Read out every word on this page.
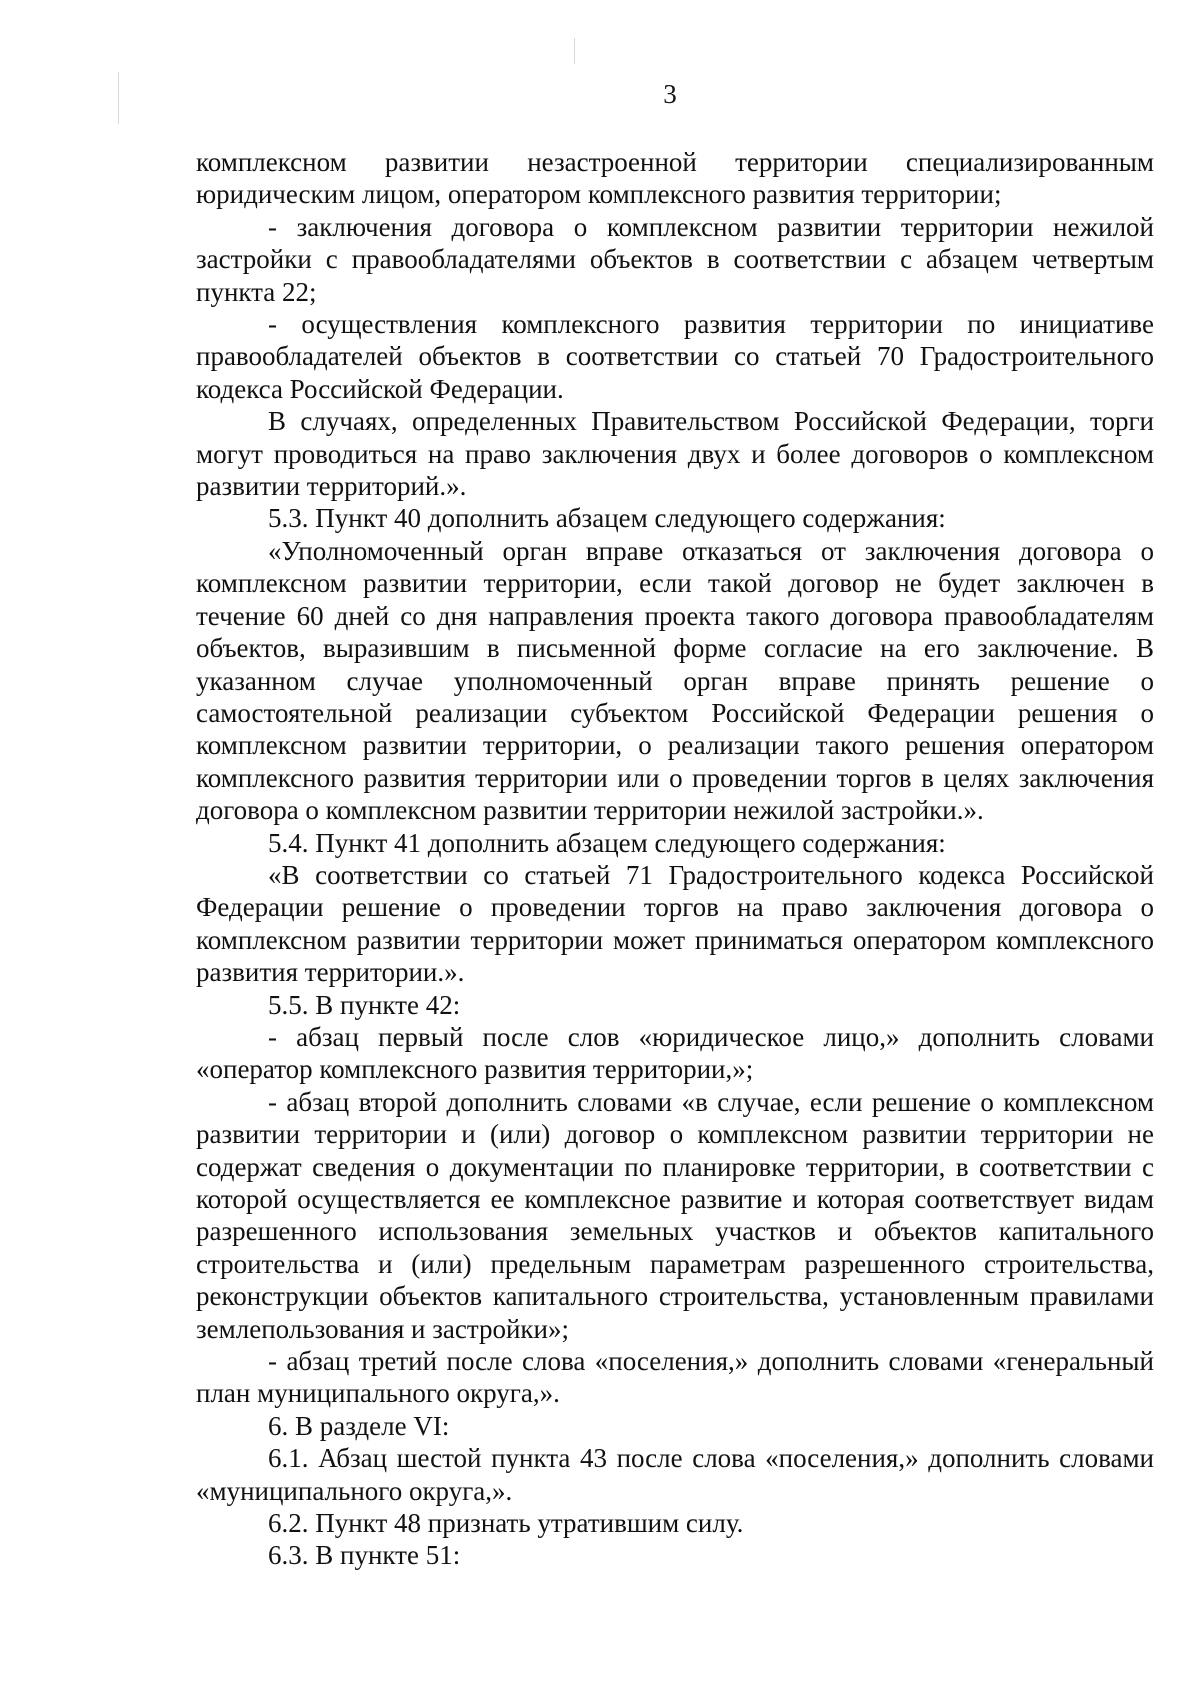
3

комплексном развитии незастроенной территории специализированным юридическим лицом, оператором комплексного развития территории;

- заключения договора о комплексном развитии территории нежилой застройки с правообладателями объектов в соответствии с абзацем четвертым пункта 22;

- осуществления комплексного развития территории по инициативе правообладателей объектов в соответствии со статьей 70 Градостроительного кодекса Российской Федерации.

В случаях, определенных Правительством Российской Федерации, торги могут проводиться на право заключения двух и более договоров о комплексном развитии территорий.».

5.3. Пункт 40 дополнить абзацем следующего содержания:

«Уполномоченный орган вправе отказаться от заключения договора о комплексном развитии территории, если такой договор не будет заключен в течение 60 дней со дня направления проекта такого договора правообладателям объектов, выразившим в письменной форме согласие на его заключение. В указанном случае уполномоченный орган вправе принять решение о самостоятельной реализации субъектом Российской Федерации решения о комплексном развитии территории, о реализации такого решения оператором комплексного развития территории или о проведении торгов в целях заключения договора о комплексном развитии территории нежилой застройки.».

5.4. Пункт 41 дополнить абзацем следующего содержания:

«В соответствии со статьей 71 Градостроительного кодекса Российской Федерации решение о проведении торгов на право заключения договора о комплексном развитии территории может приниматься оператором комплексного развития территории.».

5.5. В пункте 42:

- абзац первый после слов «юридическое лицо,» дополнить словами «оператор комплексного развития территории,»;

- абзац второй дополнить словами «в случае, если решение о комплексном развитии территории и (или) договор о комплексном развитии территории не содержат сведения о документации по планировке территории, в соответствии с которой осуществляется ее комплексное развитие и которая соответствует видам разрешенного использования земельных участков и объектов капитального строительства и (или) предельным параметрам разрешенного строительства, реконструкции объектов капитального строительства, установленным правилами землепользования и застройки»;

- абзац третий после слова «поселения,» дополнить словами «генеральный план муниципального округа,».

6. В разделе VI:

6.1. Абзац шестой пункта 43 после слова «поселения,» дополнить словами «муниципального округа,».

6.2. Пункт 48 признать утратившим силу.

6.3. В пункте 51:
